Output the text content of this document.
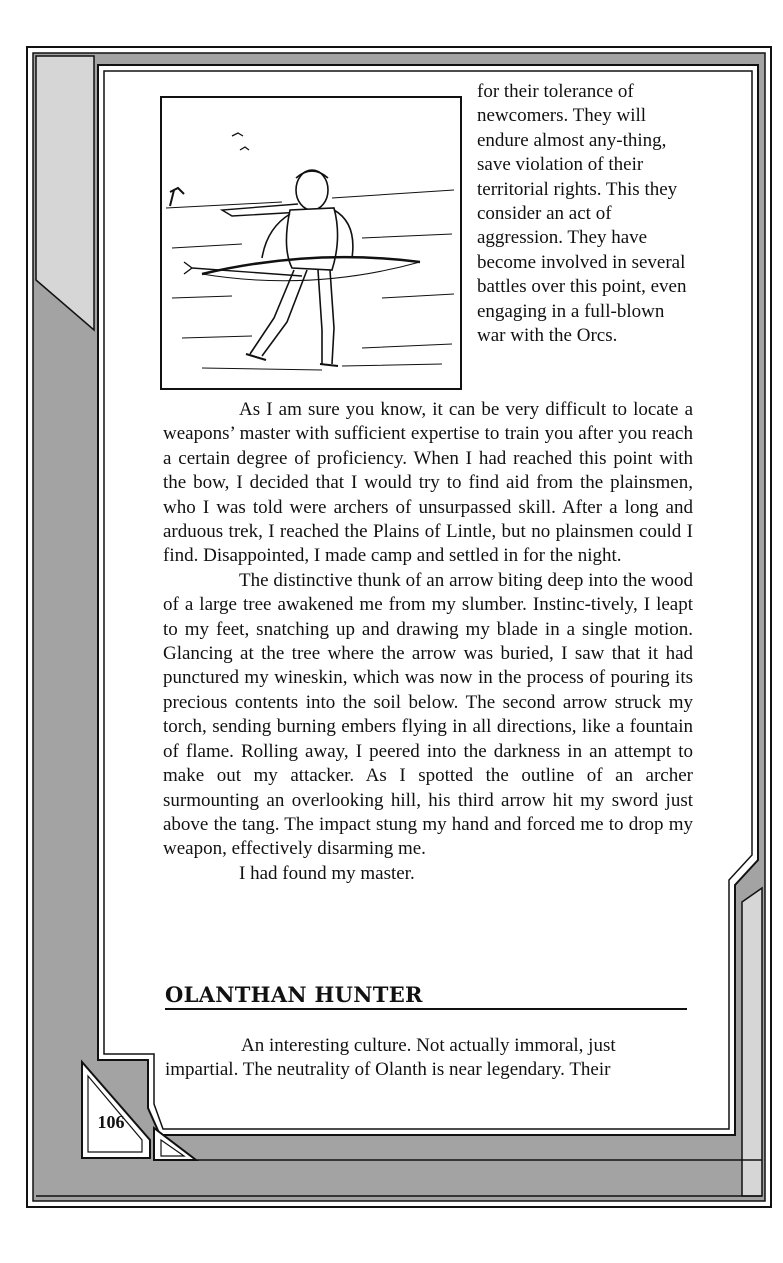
for their tolerance of newcomers. They will endure almost any-thing, save violation of their territorial rights. This they consider an act of aggression. They have become involved in several battles over this point, even engaging in a full-blown war with the Orcs.

As I am sure you know, it can be very difficult to locate a weapons’ master with sufficient expertise to train you after you reach a certain degree of proficiency. When I had reached this point with the bow, I decided that I would try to find aid from the plainsmen, who I was told were archers of unsurpassed skill. After a long and arduous trek, I reached the Plains of Lintle, but no plainsmen could I find. Disappointed, I made camp and settled in for the night.

The distinctive thunk of an arrow biting deep into the wood of a large tree awakened me from my slumber. Instinc-tively, I leapt to my feet, snatching up and drawing my blade in a single motion. Glancing at the tree where the arrow was buried, I saw that it had punctured my wineskin, which was now in the process of pouring its precious contents into the soil below. The second arrow struck my torch, sending burning embers flying in all directions, like a fountain of flame. Rolling away, I peered into the darkness in an attempt to make out my attacker. As I spotted the outline of an archer surmounting an overlooking hill, his third arrow hit my sword just above the tang. The impact stung my hand and forced me to drop my weapon, effectively disarming me.

I had found my master.

OLANTHAN HUNTER

An interesting culture. Not actually immoral, just impartial. The neutrality of Olanth is near legendary. Their

106
